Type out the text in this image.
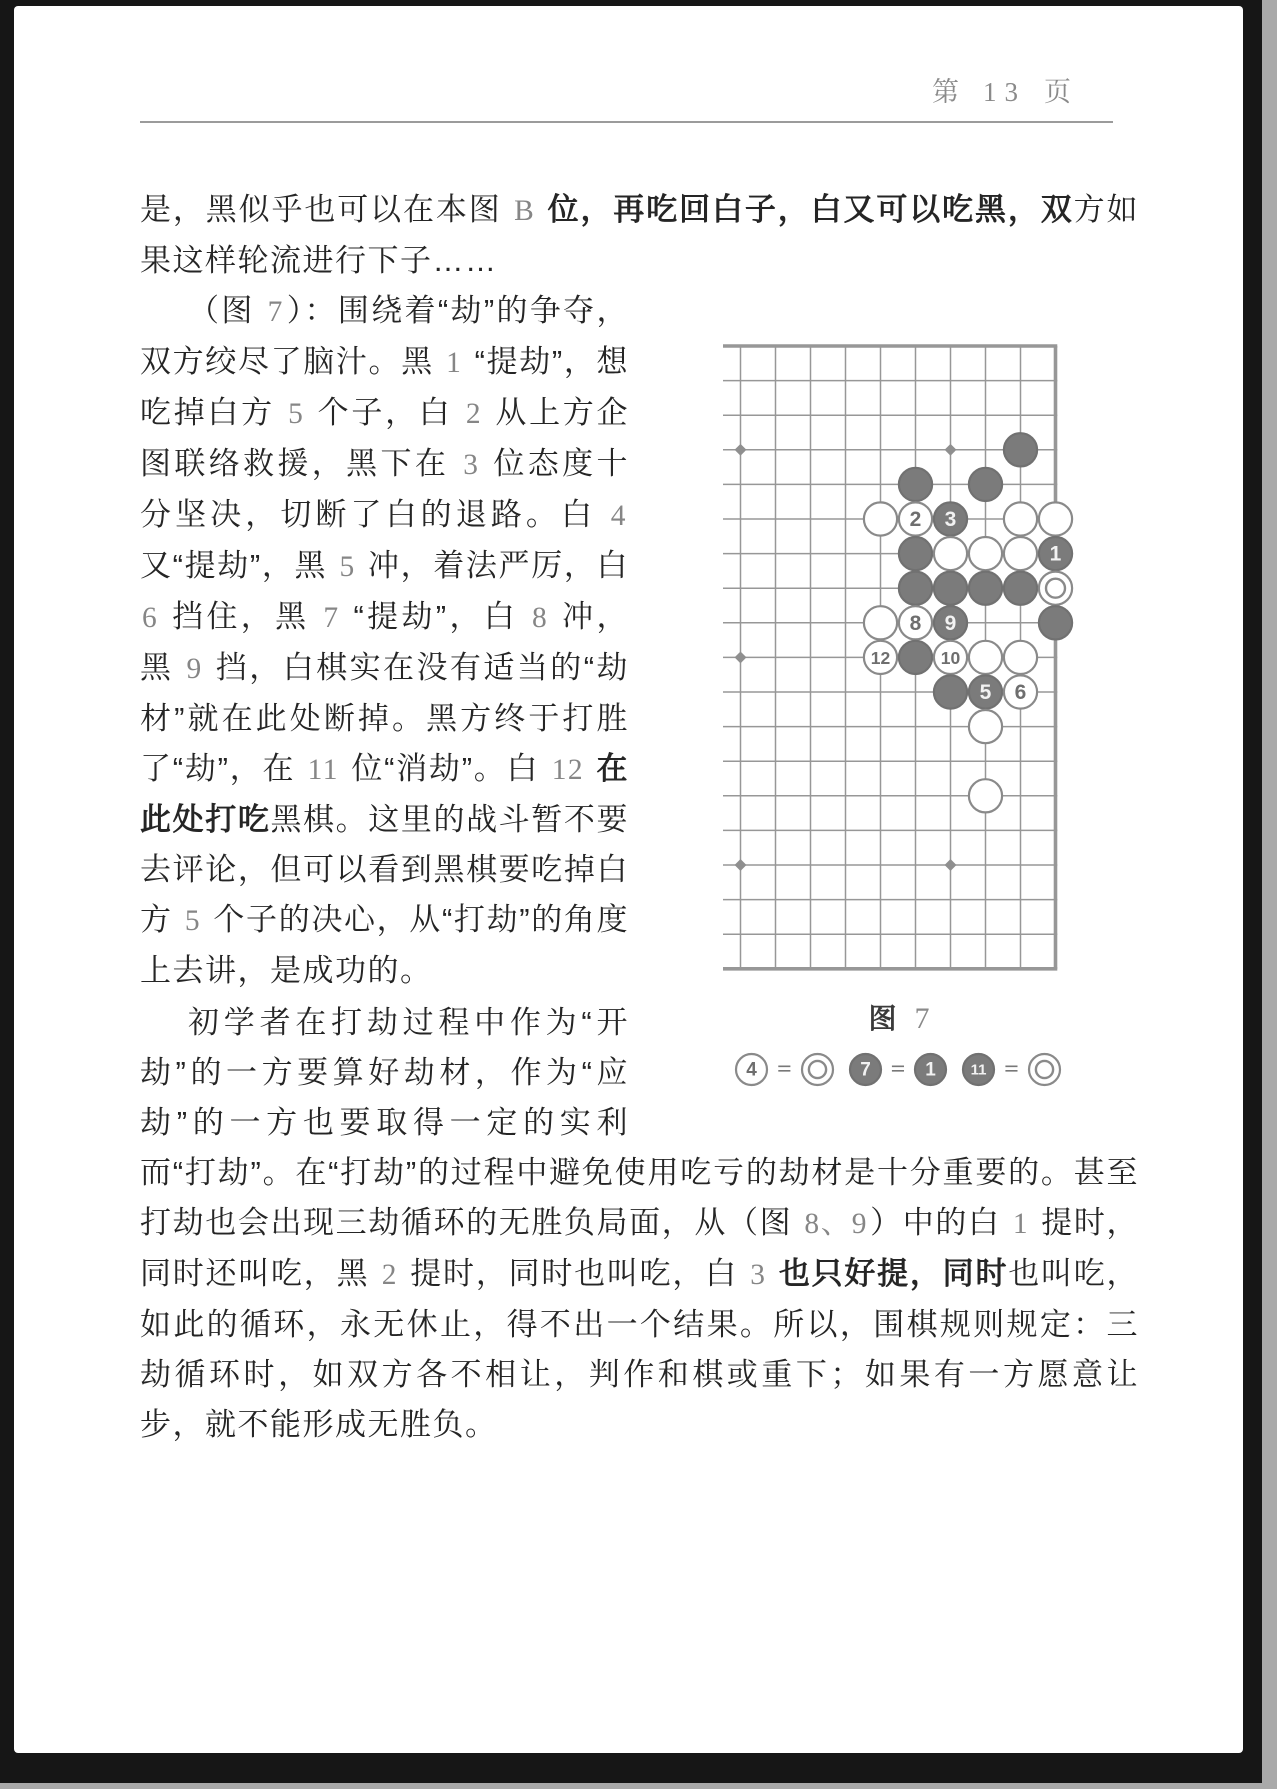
第 13 页

是，黑似乎也可以在本图 B 位，再吃回白子，白又可以吃黑，双方如果这样轮流进行下子……

2 3
1
8 9
12	10
5 6
图 7
4 =	7 = 1 11 =

（图 7）：围绕着“劫”的争夺，双方绞尽了脑汁。黑 1 “提劫”，想吃掉白方 5 个子，白 2 从上方企图联络救援，黑下在 3 位态度十分坚决，切断了白的退路。白 4 又“提劫”，黑 5 冲，着法严厉，白 6 挡住，黑 7 “提劫”，白 8 冲，黑 9 挡，白棋实在没有适当的“劫材”就在此处断掉。黑方终于打胜了“劫”，在 11 位“消劫”。白 12 在此处打吃黑棋。这里的战斗暂不要去评论，但可以看到黑棋要吃掉白方 5 个子的决心，从“打劫”的角度上去讲，是成功的。

初学者在打劫过程中作为“开劫”的一方要算好劫材，作为“应劫”的一方也要取得一定的实利而“打劫”。在“打劫”的过程中避免使用吃亏的劫材是十分重要的。甚至打劫也会出现三劫循环的无胜负局面，从（图 8、9）中的白 1 提时，同时还叫吃，黑 2 提时，同时也叫吃，白 3 也只好提，同时也叫吃，如此的循环，永无休止，得不出一个结果。所以，围棋规则规定：三劫循环时，如双方各不相让，判作和棋或重下；如果有一方愿意让步，就不能形成无胜负。
